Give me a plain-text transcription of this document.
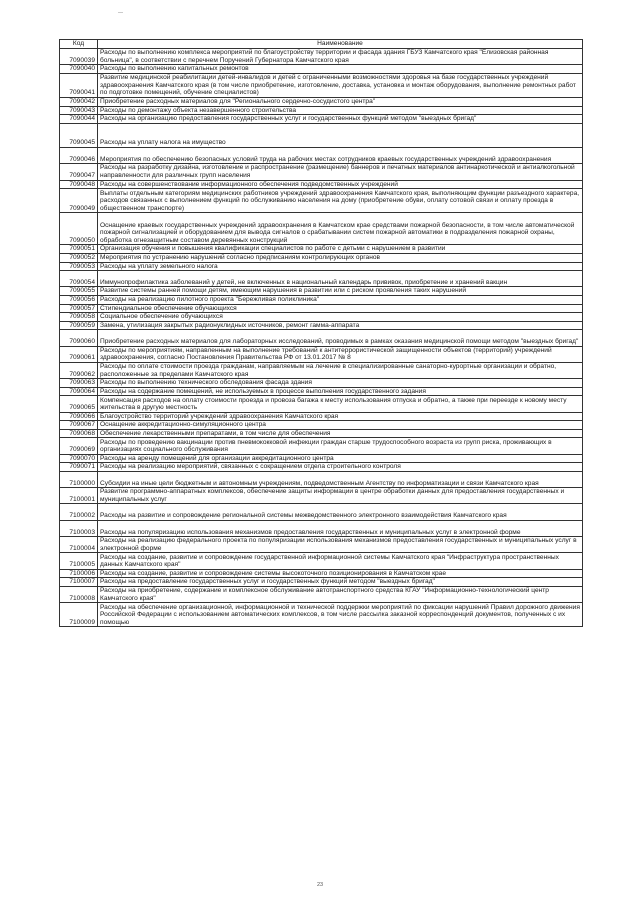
—
Код	Наименование
7090039	Расходы по выполнению комплекса мероприятий по благоустройству территории и фасада здания ГБУЗ Камчатского края "Елизовская районная больница", в соответствии с перечнем Поручений Губернатора Камчатского края
7090040	Расходы по выполнению капитальных ремонтов
7090041	Развитие медицинской реабилитации детей-инвалидов и детей с ограниченными возможностями здоровья на базе государственных учреждений здравоохранения Камчатского края (в том числе приобретение, изготовление, доставка, установка и монтаж оборудования, выполнение ремонтных работ по подготовке помещений, обучение специалистов)
7090042	Приобретение расходных материалов для "Регионального сердечно-сосудистого центра"
7090043	Расходы по демонтажу объекта незавершенного строительства
7090044	Расходы на организацию предоставления государственных услуг и государственных функций методом "выездных бригад"
7090045	Расходы на уплату налога на имущество
7090046	Мероприятия по обеспечению безопасных условий труда на рабочих местах сотрудников краевых государственных учреждений здравоохранения
7090047	Расходы на разработку дизайна, изготовление и распространение (размещение) баннеров и печатных материалов антинаркотической и антиалкогольной направленности для различных групп населения
7090048	Расходы на совершенствование информационного обеспечения подведомственных учреждений
7090049	Выплаты отдельным категориям медицинских работников учреждений здравоохранения Камчатского края, выполняющим функции разъездного характера, расходов связанных с выполнением функций по обслуживанию населения на дому (приобретение обуви, оплату сотовой связи и оплату проезда в общественном транспорте)
7090050	Оснащение краевых государственных учреждений здравоохранения в Камчатском крае средствами пожарной безопасности, в том числе автоматической пожарной сигнализацией и оборудованием для вывода сигналов о срабатывании систем пожарной автоматики в подразделения пожарной охраны, обработка огнезащитным составом деревянных конструкций
7090051	Организация обучения и повышения квалификации специалистов по работе с детьми с нарушением в развитии
7090052	Мероприятия по устранению нарушений согласно предписаниям контролирующих органов
7090053	Расходы на уплату земельного налога
7090054	Иммунопрофилактика заболеваний у детей, не включенных в национальный календарь прививок, приобретение и хранений вакцин
7090055	Развитие системы ранней помощи детям, имеющим нарушения в развитии или с риском проявления таких нарушений
7090056	Расходы на реализацию пилотного проекта "Бережливая поликлиника"
7090057	Стипендиальное обеспечение обучающихся
7090058	Социальное обеспечение обучающихся
7090059	Замена, утилизация закрытых радионуклидных источников, ремонт гамма-аппарата
7090060	Приобретение расходных материалов для лабораторных исследований, проводимых в рамках оказания медицинской помощи методом "выездных бригад"
7090061	Расходы по мероприятиям, направленным на выполнение требований к антитеррористической защищенности объектов (территорий) учреждений здравоохранения, согласно Постановления Правительства РФ от 13.01.2017 № 8
7090062	Расходы по оплате стоимости проезда гражданам, направляемым на лечение в специализированные санаторно-курортные организации и обратно, расположенные за пределами Камчатского края
7090063	Расходы по выполнению технического обследования фасада здания
7090064	Расходы на содержание помещений, не используемых в процессе выполнения государственного задания
7090065	Компенсация расходов на оплату стоимости проезда и провоза багажа к месту использования отпуска и обратно, а также при переезде к новому месту жительства в другую местность
7090066	Благоустройство территорий учреждений здравоохранения Камчатского края
7090067	Оснащение аккредитационно-симуляционного центра
7090068	Обеспечение лекарственными препаратами, в том числе для обеспечения
7090069	Расходы по проведению вакцинации против пневмококковой инфекции граждан старше трудоспособного возраста из групп риска, проживающих в организациях социального обслуживания
7090070	Расходы на аренду помещений для организации аккредитационного центра
7090071	Расходы на реализацию мероприятий, связанных с сокращением отдела строительного контроля
7100000	Субсидии на иные цели бюджетным и автономным учреждениям, подведомственным Агентству по информатизации и связи Камчатского края
7100001	Развитие программно-аппаратных комплексов, обеспечение защиты информации в центре обработки данных для предоставления государственных и муниципальных услуг
7100002	Расходы на развитие и сопровождение региональной системы межведомственного электронного взаимодействия Камчатского края
7100003	Расходы на популяризацию использования механизмов предоставления государственных и муниципальных услуг в электронной форме
7100004	Расходы на реализацию федерального проекта по популяризации использования механизмов предоставления государственных и муниципальных услуг в электронной форме
7100005	Расходы на создание, развитие и сопровождение государственной информационной системы Камчатского края "Инфраструктура пространственных данных Камчатского края"
7100006	Расходы на создание, развитие и сопровождение системы высокоточного позиционирования в Камчатском крае
7100007	Расходы на предоставление государственных услуг и государственных функций методом "выездных бригад"
7100008	Расходы на приобретение, содержание и комплексное обслуживание автотранспортного средства КГАУ "Информационно-технологический центр Камчатского края"
7100009	Расходы на обеспечение организационной, информационной и технической поддержки мероприятий по фиксации нарушений Правил дорожного движения Российской Федерации с использованием автоматических комплексов, в том числе рассылка заказной корреспонденций документов, полученных с их помощью
23
